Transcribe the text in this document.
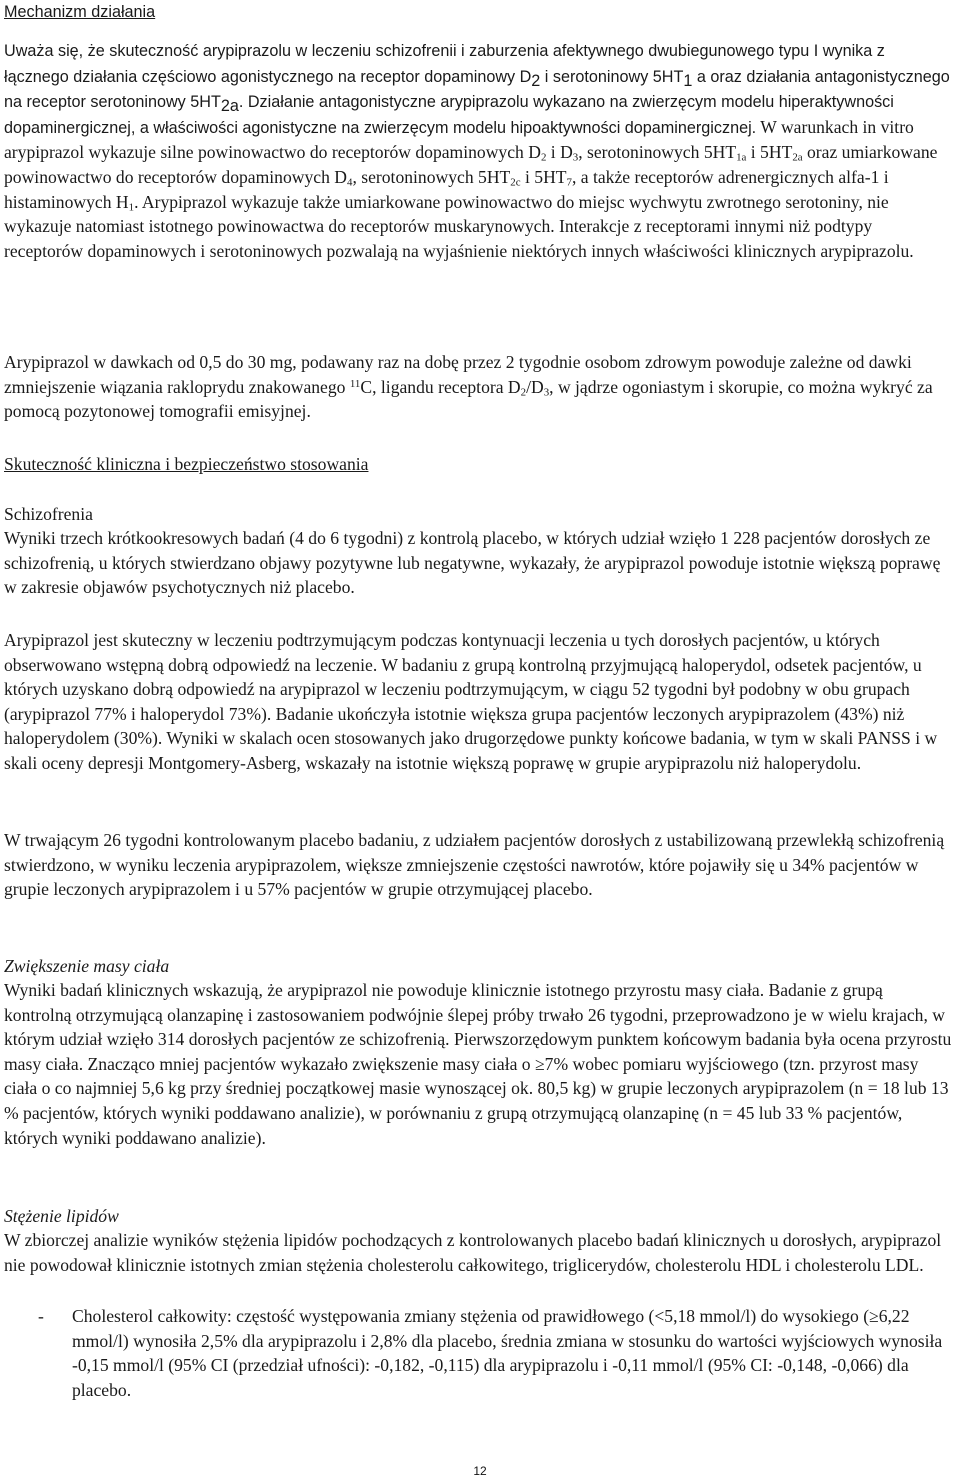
Mechanizm działania

Uważa się, że skuteczność arypiprazolu w leczeniu schizofrenii i zaburzenia afektywnego dwubiegunowego typu I wynika z łącznego działania częściowo agonistycznego na receptor dopaminowy $D_2$ i serotoninowy $5HT_1$ a oraz działania antagonistycznego na receptor serotoninowy $5HT_{2a}$. Działanie antagonistyczne arypiprazolu wykazano na zwierzęcym modelu hiperaktywności dopaminergicznej, a właściwości agonistyczne na zwierzęcym modelu hipoaktywności dopaminergicznej. W warunkach in vitro arypiprazol wykazuje silne powinowactwo do receptorów dopaminowych $D_2$ i $D_3$, serotoninowych $5HT_{1a}$ i $5HT_{2a}$ oraz umiarkowane powinowactwo do receptorów dopaminowych $D_4$, serotoninowych $5HT_{2c}$ i $5HT_7$, a także receptorów adrenergicznych alfa-1 i histaminowych $H_1$. Arypiprazol wykazuje także umiarkowane powinowactwo do miejsc wychwytu zwrotnego serotoniny, nie wykazuje natomiast istotnego powinowactwa do receptorów muskarynowych. Interakcje z receptorami innymi niż podtypy receptorów dopaminowych i serotoninowych pozwalają na wyjaśnienie niektórych innych właściwości klinicznych arypiprazolu.

Arypiprazol w dawkach od 0,5 do 30 mg, podawany raz na dobę przez 2 tygodnie osobom zdrowym powoduje zależne od dawki zmniejszenie wiązania rakloprydu znakowanego $^{11}$C, ligandu receptora $D_2/D_3$, w jądrze ogoniastym i skorupie, co można wykryć za pomocą pozytonowej tomografii emisyjnej.

Skuteczność kliniczna i bezpieczeństwo stosowania

Schizofrenia

Wyniki trzech krótkookresowych badań (4 do 6 tygodni) z kontrolą placebo, w których udział wzięło 1 228 pacjentów dorosłych ze schizofrenią, u których stwierdzano objawy pozytywne lub negatywne, wykazały, że arypiprazol powoduje istotnie większą poprawę w zakresie objawów psychotycznych niż placebo.

Arypiprazol jest skuteczny w leczeniu podtrzymującym podczas kontynuacji leczenia u tych dorosłych pacjentów, u których obserwowano wstępną dobrą odpowiedź na leczenie. W badaniu z grupą kontrolną przyjmującą haloperydol, odsetek pacjentów, u których uzyskano dobrą odpowiedź na arypiprazol w leczeniu podtrzymującym, w ciągu 52 tygodni był podobny w obu grupach (arypiprazol 77% i haloperydol 73%). Badanie ukończyła istotnie większa grupa pacjentów leczonych arypiprazolem (43%) niż haloperydolem (30%). Wyniki w skalach ocen stosowanych jako drugorzędowe punkty końcowe badania, w tym w skali PANSS i w skali oceny depresji Montgomery-Asberg, wskazały na istotnie większą poprawę w grupie arypiprazolu niż haloperydolu.

W trwającym 26 tygodni kontrolowanym placebo badaniu, z udziałem pacjentów dorosłych z ustabilizowaną przewlekłą schizofrenią stwierdzono, w wyniku leczenia arypiprazolem, większe zmniejszenie częstości nawrotów, które pojawiły się u 34% pacjentów w grupie leczonych arypiprazolem i u 57% pacjentów w grupie otrzymującej placebo.

Zwiększenie masy ciała

Wyniki badań klinicznych wskazują, że arypiprazol nie powoduje klinicznie istotnego przyrostu masy ciała. Badanie z grupą kontrolną otrzymującą olanzapinę i zastosowaniem podwójnie ślepej próby trwało 26 tygodni, przeprowadzono je w wielu krajach, w którym udział wzięło 314 dorosłych pacjentów ze schizofrenią. Pierwszorzędowym punktem końcowym badania była ocena przyrostu masy ciała. Znacząco mniej pacjentów wykazało zwiększenie masy ciała o ≥7% wobec pomiaru wyjściowego (tzn. przyrost masy ciała o co najmniej 5,6 kg przy średniej początkowej masie wynoszącej ok. 80,5 kg) w grupie leczonych arypiprazolem (n = 18 lub 13 % pacjentów, których wyniki poddawano analizie), w porównaniu z grupą otrzymującą olanzapinę (n = 45 lub 33 % pacjentów, których wyniki poddawano analizie).

Stężenie lipidów

W zbiorczej analizie wyników stężenia lipidów pochodzących z kontrolowanych placebo badań klinicznych u dorosłych, arypiprazol nie powodował klinicznie istotnych zmian stężenia cholesterolu całkowitego, triglicerydów, cholesterolu HDL i cholesterolu LDL.

- Cholesterol całkowity: częstość występowania zmiany stężenia od prawidłowego (<5,18 mmol/l) do wysokiego (≥6,22 mmol/l) wynosiła 2,5% dla arypiprazolu i 2,8% dla placebo, średnia zmiana w stosunku do wartości wyjściowych wynosiła -0,15 mmol/l (95% CI (przedział ufności): -0,182, -0,115) dla arypiprazolu i -0,11 mmol/l (95% CI: -0,148, -0,066) dla placebo.

12
